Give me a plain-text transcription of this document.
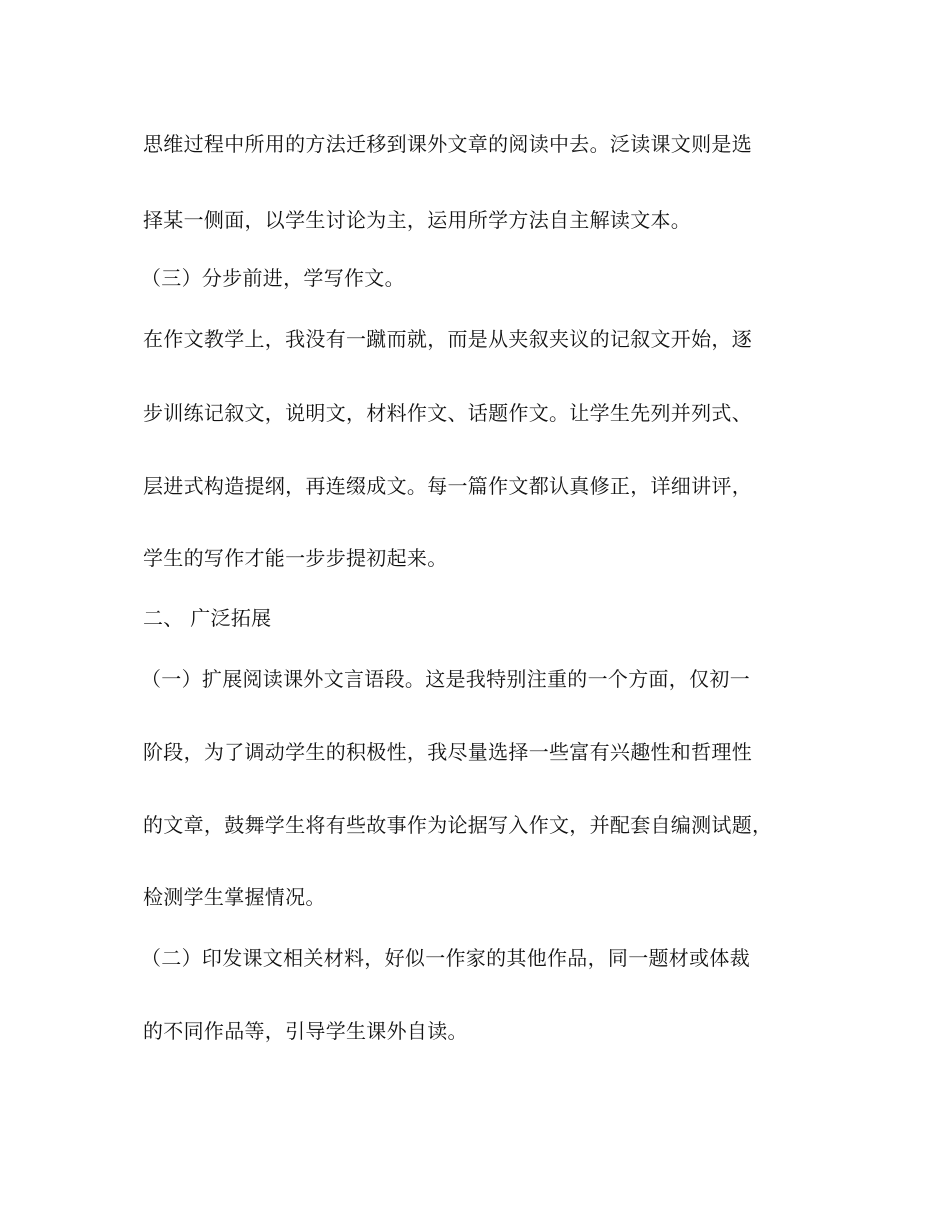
思维过程中所用的方法迁移到课外文章的阅读中去。泛读课文则是选

择某一侧面，以学生讨论为主，运用所学方法自主解读文本。

（三）分步前进，学写作文。

在作文教学上，我没有一蹴而就，而是从夹叙夹议的记叙文开始，逐

步训练记叙文，说明文，材料作文、话题作文。让学生先列并列式、

层进式构造提纲，再连缀成文。每一篇作文都认真修正，详细讲评，

学生的写作才能一步步提初起来。

二、 广泛拓展

（一）扩展阅读课外文言语段。这是我特别注重的一个方面，仅初一

阶段，为了调动学生的积极性，我尽量选择一些富有兴趣性和哲理性

的文章，鼓舞学生将有些故事作为论据写入作文，并配套自编测试题，

检测学生掌握情况。

（二）印发课文相关材料，好似一作家的其他作品，同一题材或体裁

的不同作品等，引导学生课外自读。
